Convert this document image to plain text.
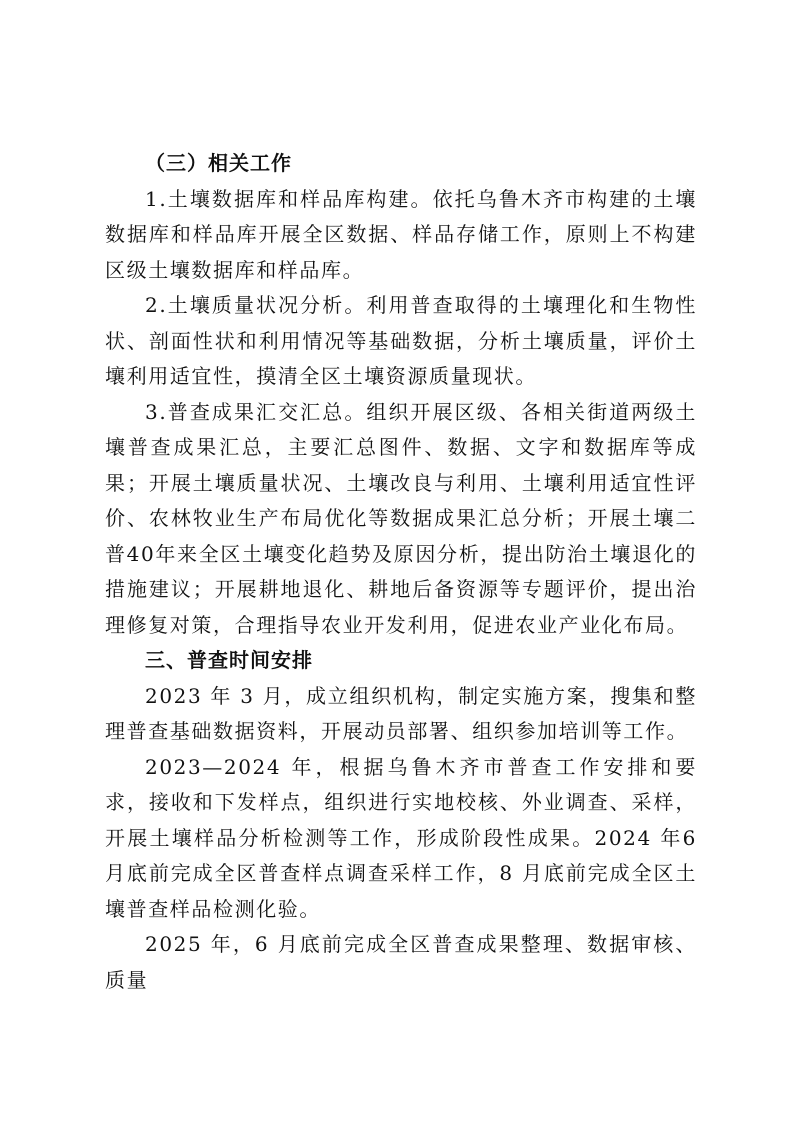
（三）相关工作

1.土壤数据库和样品库构建。依托乌鲁木齐市构建的土壤数据库和样品库开展全区数据、样品存储工作，原则上不构建区级土壤数据库和样品库。

2.土壤质量状况分析。利用普查取得的土壤理化和生物性状、剖面性状和利用情况等基础数据，分析土壤质量，评价土壤利用适宜性，摸清全区土壤资源质量现状。

3.普查成果汇交汇总。组织开展区级、各相关街道两级土壤普查成果汇总，主要汇总图件、数据、文字和数据库等成果；开展土壤质量状况、土壤改良与利用、土壤利用适宜性评价、农林牧业生产布局优化等数据成果汇总分析；开展土壤二普40年来全区土壤变化趋势及原因分析，提出防治土壤退化的措施建议；开展耕地退化、耕地后备资源等专题评价，提出治理修复对策，合理指导农业开发利用，促进农业产业化布局。

三、普查时间安排

2023 年 3 月，成立组织机构，制定实施方案，搜集和整理普查基础数据资料，开展动员部署、组织参加培训等工作。

2023—2024 年，根据乌鲁木齐市普查工作安排和要求，接收和下发样点，组织进行实地校核、外业调查、采样，开展土壤样品分析检测等工作，形成阶段性成果。2024 年6 月底前完成全区普查样点调查采样工作，8 月底前完成全区土壤普查样品检测化验。

2025 年，6 月底前完成全区普查成果整理、数据审核、质量
